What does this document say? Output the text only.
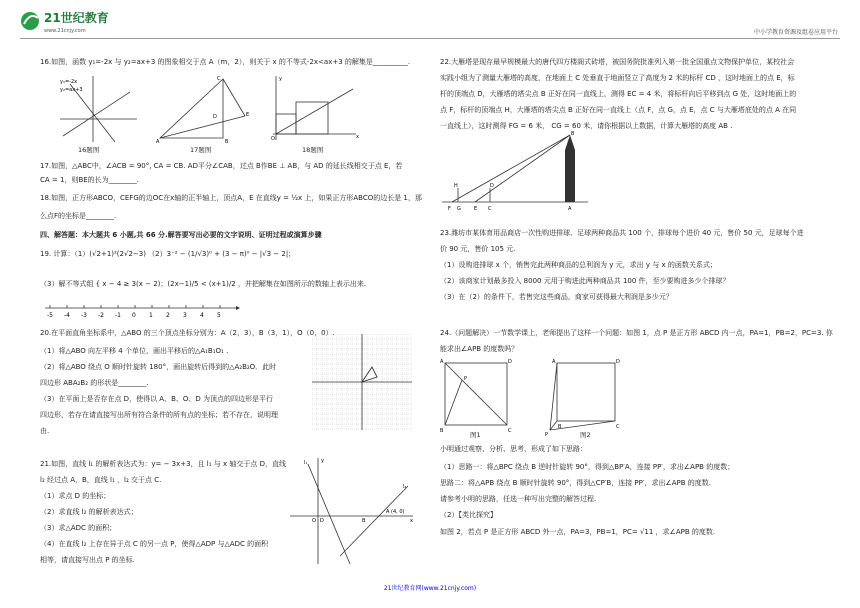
21世纪教育
www.21cnjy.com	中小学教育资源及组卷应用平台
16.如图，函数 y₁=-2x 与 y₂=ax+3 的图象相交于点 A（m，2），则关于 x 的不等式-2x<ax+3 的解集是__________.
y₁=-2x
y₂=ax+3
16题图
A	B
C
E
D
17题图
O	x
y
18题图
17.如图，△ABC中，∠ACB = 90°, CA = CB. AD平分∠CAB，过点 B作BE ⊥ AB，与 AD 的延长线相交于点 E，若
CA = 1，则BE的长为________.
18.如图，正方形ABCO，CEFG的边OC在x轴的正半轴上，顶点A，E 在直线y = ½x 上，如果正方形ABCO的边长是 1，那
么点F的坐标是________.
四、解答题：本大题共 6 小题,共 66 分.解答要写出必要的文字说明、证明过程或演算步骤
19. 计算：（1）(√2+1)²(2√2−3) （2）3⁻² − (1/√3)⁰ + (3 − π)⁰ − |√3 − 2|；
（3）解不等式组 { x − 4 ≥ 3(x − 2)；(2x−1)/5 < (x+1)/2 ，并把解集在如图所示的数轴上表示出来.
-5 -4 -3 -2 -1 0 1 2 3 4 5
20.在平面直角坐标系中，△ABO 的三个顶点坐标分别为：A（2，3），B（3，1），O（0，0）.
（1）将△ABO 向左平移 4 个单位，画出平移后的△A₁B₁O₁ .
（2）将△ABO 绕点 O 顺时针旋转 180°，画出旋转后得到的△A₂B₂O．此时
四边形 ABA₂B₂ 的形状是________.
（3）在平面上是否存在点 D，使得以 A、B、O、D 为顶点的四边形是平行
四边形，若存在请直接写出所有符合条件的所有点的坐标；若不存在，说明理
由.
21.如图，直线 l₁ 的解析表达式为：y= − 3x+3，且 l₁ 与 x 轴交于点 D，直线
l₂ 经过点 A，B，直线 l₁ ，l₂ 交于点 C.
（1）求点 D 的坐标；
（2）求直线 l₂ 的解析表达式；
（3）求△ADC 的面积；
（4）在直线 l₂ 上存在异于点 C 的另一点 P，使得△ADP 与△ADC 的面积
相等，请直接写出点 P 的坐标.
l₁
l₂
A (4, 0)
B
D
O	x
y
22.大雁塔是现存最早规模最大的唐代四方楼阁式砖塔，被国务院批准列入第一批全国重点文物保护单位，某校社会
实践小组为了测量大雁塔的高度，在地面上 C 处垂直于地面竖立了高度为 2 米的标杆 CD ，这时地面上的点 E，标
杆的顶端点 D，大雁塔的塔尖点 B 正好在同一直线上，测得 EC = 4 米，将标杆向后平移到点 G 处，这时地面上的
点 F，标杆的顶端点 H，大雁塔的塔尖点 B 正好在同一直线上（点 F，点 G，点 E，点 C 与大雁塔底处的点 A 在同
一直线上），这时测得 FG = 6 米， CG = 60 米，请你根据以上数据，计算大雁塔的高度 AB .
F G	E C	A
B
H	D
23.潍坊市某体育用品商店一次性购进排球、足球两种商品共 100 个，排球每个进价 40 元，售价 50 元，足球每个进
价 90 元，售价 105 元.
（1）设购进排球 x 个，销售完此两种商品的总利润为 y 元，求出 y 与 x 的函数关系式；
（2）该商家计划最多投入 8000 元用于购进此两种商品共 100 件，至少要购进多少个排球？
（3）在（2）的条件下，若售完这些商品，商家可获得最大利润是多少元？
24.（问题解决）一节数学课上，老师提出了这样一个问题：如图 1，点 P 是正方形 ABCD 内一点，PA=1，PB=2，PC=3. 你
能求出∠APB 的度数吗？
A	D
B	C
P
图1
A	D
B	C
P	图2
小明通过观察、分析、思考，形成了如下思路：
（1）思路一：将△BPC 绕点 B 逆时针旋转 90°，得到△BP′A，连接 PP′，求出∠APB 的度数；
思路二：将△APB 绕点 B 顺时针旋转 90°，得到△CP′B，连接 PP′，求出∠APB 的度数.
请参考小明的思路，任选一种写出完整的解答过程.
（2）【类比探究】
如图 2，若点 P 是正方形 ABCD 外一点，PA=3，PB=1，PC= √11 ，求∠APB 的度数.
21世纪教育网(www.21cnjy.com)
